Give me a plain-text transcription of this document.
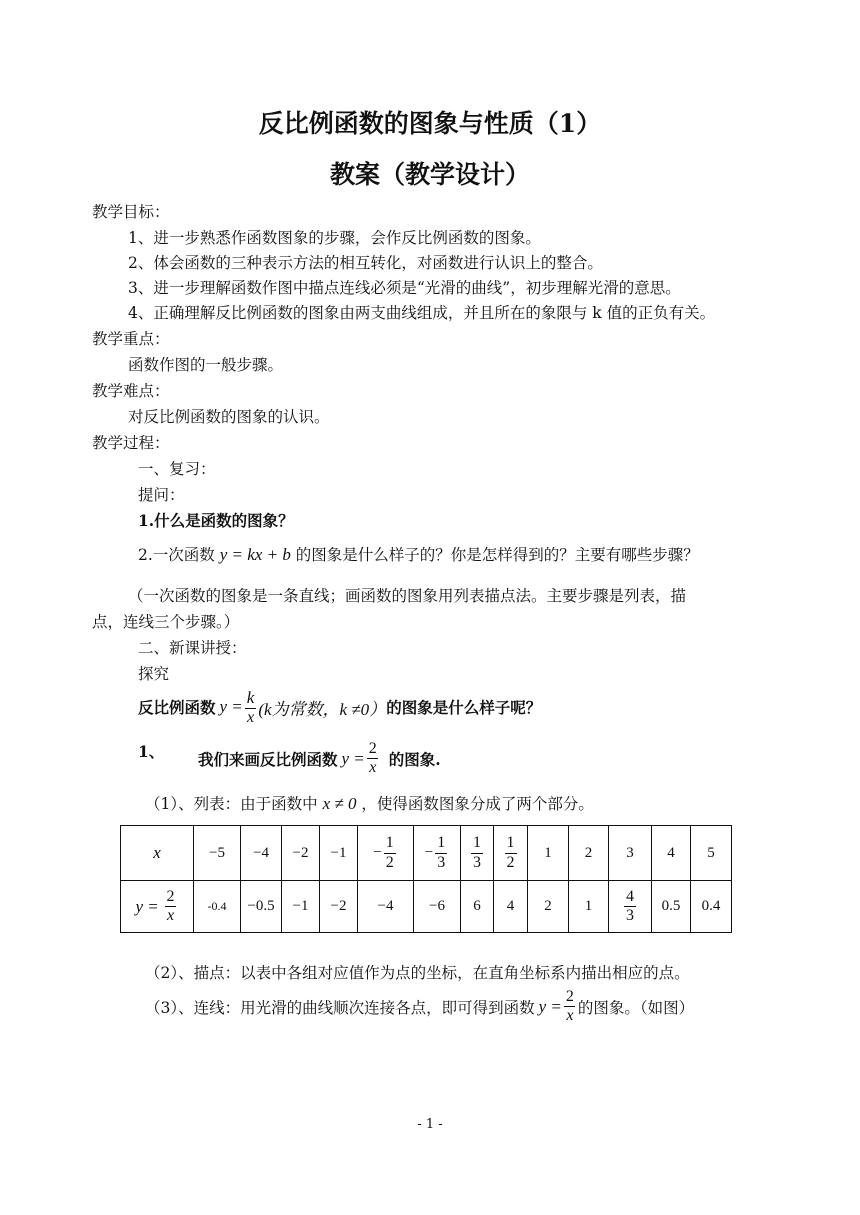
反比例函数的图象与性质（1）
教案（教学设计）
教学目标：
1、进一步熟悉作函数图象的步骤，会作反比例函数的图象。
2、体会函数的三种表示方法的相互转化，对函数进行认识上的整合。
3、进一步理解函数作图中描点连线必须是“光滑的曲线”，初步理解光滑的意思。
4、正确理解反比例函数的图象由两支曲线组成，并且所在的象限与 k 值的正负有关。
教学重点：
函数作图的一般步骤。
教学难点：
对反比例函数的图象的认识。
教学过程：
一、复习：
提问：
1.什么是函数的图象？
2.一次函数 y = kx + b 的图象是什么样子的？你是怎样得到的？主要有哪些步骤？
（一次函数的图象是一条直线；画函数的图象用列表描点法。主要步骤是列表，描
点，连线三个步骤。）
二、新课讲授：
探究
反比例函数 $y = \frac{k}{x} (k$为常数，k ≠0） 的图象是什么样子呢？
1、 我们来画反比例函数 $y = \frac{2}{x}$ 的图象.
（1）、列表：由于函数中 x ≠ 0 ，使得函数图象分成了两个部分。
x	−5	−4	−2	−1	− $\frac{1}{2}$	− $\frac{1}{3}$	$\frac{1}{3}$	$\frac{1}{2}$	1	2	3	4	5
$y = \frac{2}{x}$	-0.4	−0.5	−1	−2	−4	−6	6	4	2	1	$\frac{4}{3}$	0.5	0.4
（2）、描点：以表中各组对应值作为点的坐标，在直角坐标系内描出相应的点。
（3）、连线：用光滑的曲线顺次连接各点，即可得到函数 $y = \frac{2}{x}$ 的图象。（如图）
- 1 -
